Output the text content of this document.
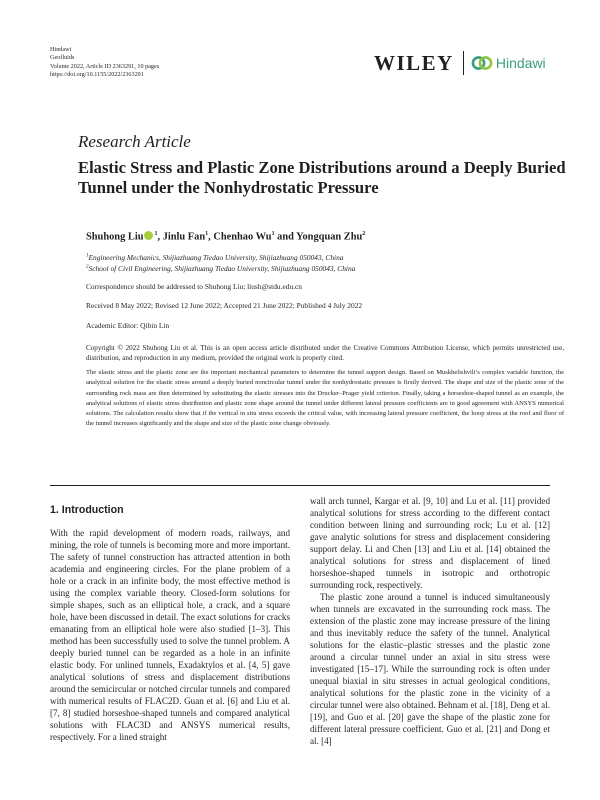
Hindawi
Geofluids
Volume 2022, Article ID 2363291, 10 pages
https://doi.org/10.1155/2022/2363291
WILEY	Hindawi
Research Article
Elastic Stress and Plastic Zone Distributions around a Deeply Buried Tunnel under the Nonhydrostatic Pressure
Shuhong Liu $^1$, Jinlu Fan$^1$, Chenhao Wu$^1$ and Yongquan Zhu$^2$
$^1$Engineering Mechanics, Shijiazhuang Tiedao University, Shijiazhuang 050043, China
$^2$School of Civil Engineering, Shijiazhuang Tiedao University, Shijiazhuang 050043, China
Correspondence should be addressed to Shuhong Liu; liush@stdu.edu.cn
Received 8 May 2022; Revised 12 June 2022; Accepted 21 June 2022; Published 4 July 2022
Academic Editor: Qibin Lin
Copyright © 2022 Shuhong Liu et al. This is an open access article distributed under the Creative Commons Attribution License, which permits unrestricted use, distribution, and reproduction in any medium, provided the original work is properly cited.
The elastic stress and the plastic zone are the important mechanical parameters to determine the tunnel support design. Based on Muskhelishvili’s complex variable function, the analytical solution for the elastic stress around a deeply buried noncircular tunnel under the nonhydrostatic pressure is firstly derived. The shape and size of the plastic zone of the surrounding rock mass are then determined by substituting the elastic stresses into the Drucker–Prager yield criterion. Finally, taking a horseshoe-shaped tunnel as an example, the analytical solutions of elastic stress distribution and plastic zone shape around the tunnel under different lateral pressure coefficients are in good agreement with ANSYS numerical solutions. The calculation results show that if the vertical in situ stress exceeds the critical value, with increasing lateral pressure coefficient, the hoop stress at the roof and floor of the tunnel increases significantly and the shape and size of the plastic zone change obviously.
1. Introduction

With the rapid development of modern roads, railways, and mining, the role of tunnels is becoming more and more important. The safety of tunnel construction has attracted attention in both academia and engineering circles. For the plane problem of a hole or a crack in an infinite body, the most effective method is using the complex variable theory. Closed-form solutions for simple shapes, such as an elliptical hole, a crack, and a square hole, have been discussed in detail. The exact solutions for cracks emanating from an elliptical hole were also studied [1–3]. This method has been successfully used to solve the tunnel problem. A deeply buried tunnel can be regarded as a hole in an infinite elastic body. For unlined tunnels, Exadaktylos et al. [4, 5] gave analytical solutions of stress and displacement distributions around the semicircular or notched circular tunnels and compared with numerical results of FLAC2D. Guan et al. [6] and Liu et al. [7, 8] studied horseshoe-shaped tunnels and compared analytical solutions with FLAC3D and ANSYS numerical results, respectively. For a lined straight

wall arch tunnel, Kargar et al. [9, 10] and Lu et al. [11] provided analytical solutions for stress according to the different contact condition between lining and surrounding rock; Lu et al. [12] gave analytic solutions for stress and displacement considering support delay. Li and Chen [13] and Liu et al. [14] obtained the analytical solutions for stress and displacement of lined horseshoe-shaped tunnels in isotropic and orthotropic surrounding rock, respectively.

The plastic zone around a tunnel is induced simultaneously when tunnels are excavated in the surrounding rock mass. The extension of the plastic zone may increase pressure of the lining and thus inevitably reduce the safety of the tunnel. Analytical solutions for the elastic–plastic stresses and the plastic zone around a circular tunnel under an axial in situ stress were investigated [15–17]. While the surrounding rock is often under unequal biaxial in situ stresses in actual geological conditions, analytical solutions for the plastic zone in the vicinity of a circular tunnel were also obtained. Behnam et al. [18], Deng et al. [19], and Guo et al. [20] gave the shape of the plastic zone for different lateral pressure coefficient. Guo et al. [21] and Dong et al. [4]
